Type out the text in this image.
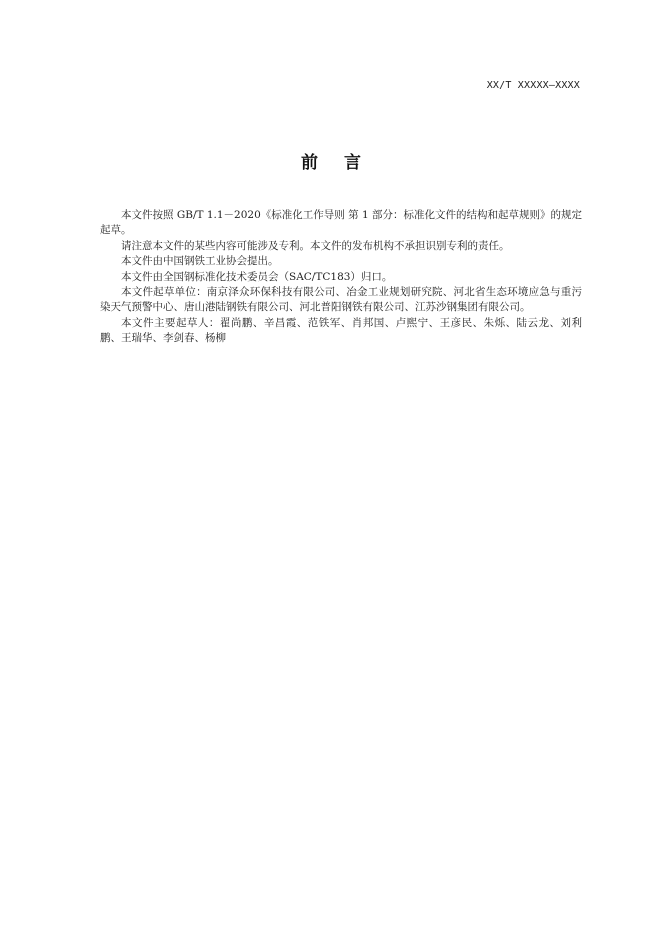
XX/T XXXXX—XXXX
前言

本文件按照 GB/T 1.1－2020《标准化工作导则 第 1 部分：标准化文件的结构和起草规则》的规定起草。

请注意本文件的某些内容可能涉及专利。本文件的发布机构不承担识别专利的责任。

本文件由中国钢铁工业协会提出。

本文件由全国钢标准化技术委员会（SAC/TC183）归口。

本文件起草单位：南京泽众环保科技有限公司、冶金工业规划研究院、河北省生态环境应急与重污染天气预警中心、唐山港陆钢铁有限公司、河北普阳钢铁有限公司、江苏沙钢集团有限公司。

本文件主要起草人：翟尚鹏、辛昌霞、范铁军、肖邦国、卢熙宁、王彦民、朱烁、陆云龙、刘利鹏、王瑞华、李剑春、杨柳
